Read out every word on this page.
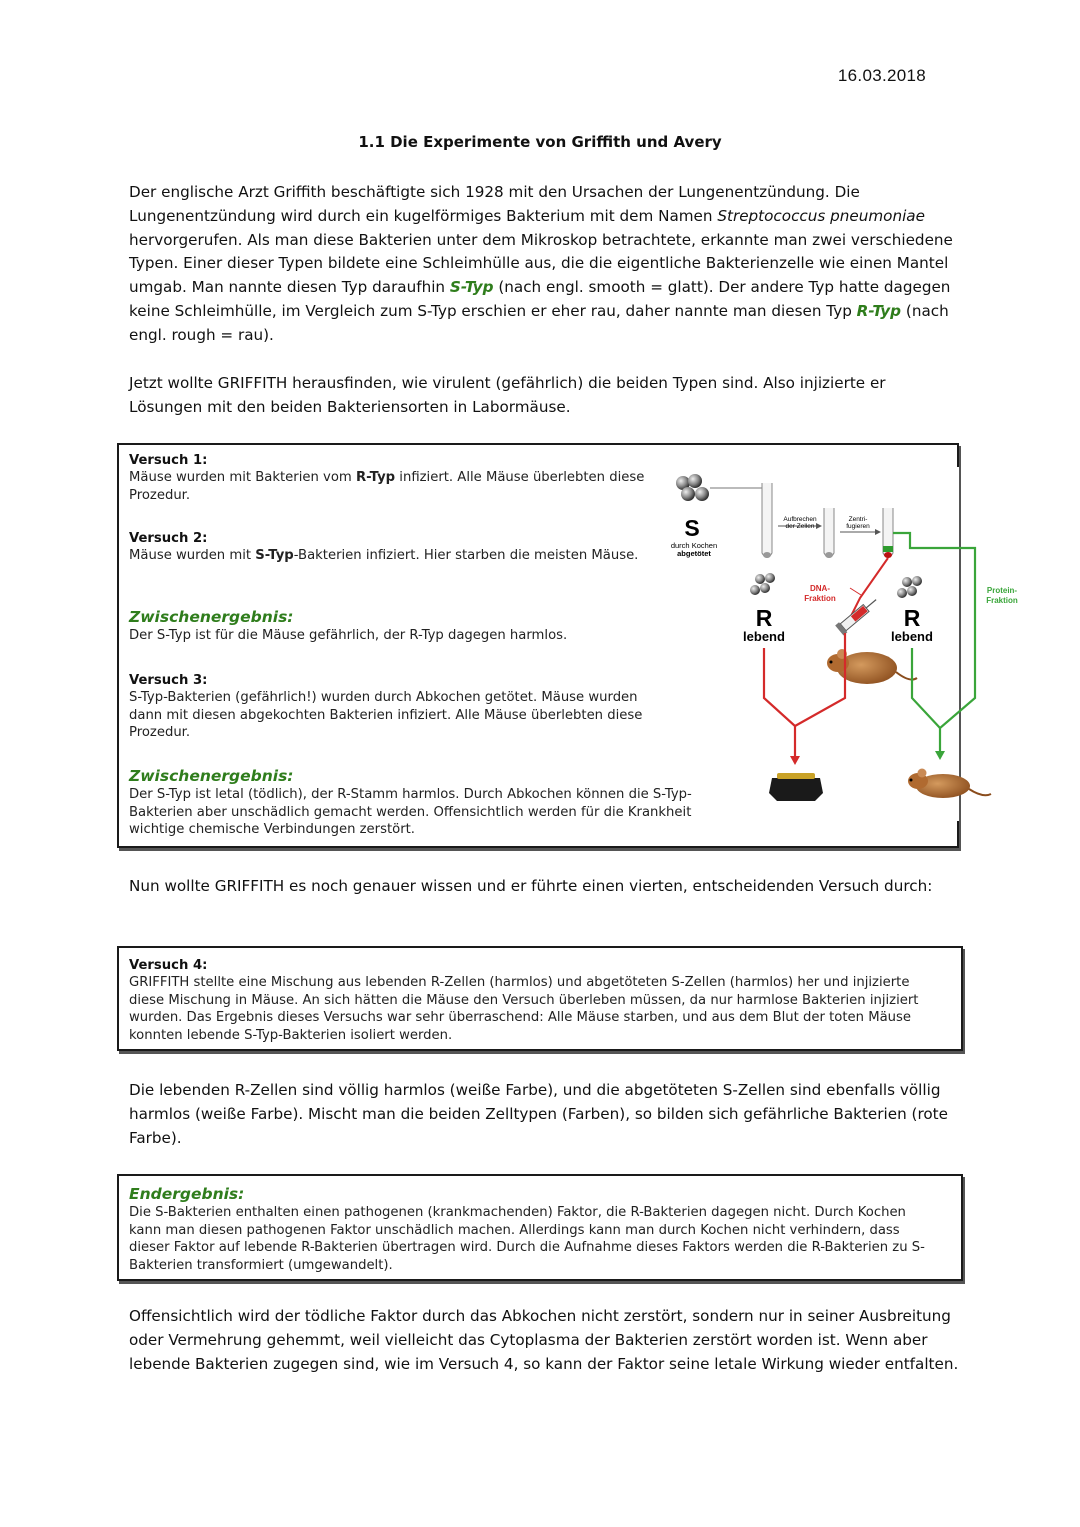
16.03.2018
1.1 Die Experimente von Griffith und Avery

Der englische Arzt Griffith beschäftigte sich 1928 mit den Ursachen der Lungenentzündung. Die Lungenentzündung wird durch ein kugelförmiges Bakterium mit dem Namen Streptococcus pneumoniae hervorgerufen. Als man diese Bakterien unter dem Mikroskop betrachtete, erkannte man zwei verschiedene Typen. Einer dieser Typen bildete eine Schleimhülle aus, die die eigentliche Bakterienzelle wie einen Mantel umgab. Man nannte diesen Typ daraufhin S-Typ (nach engl. smooth = glatt). Der andere Typ hatte dagegen keine Schleimhülle, im Vergleich zum S-Typ erschien er eher rau, daher nannte man diesen Typ R-Typ (nach engl. rough = rau).

Jetzt wollte GRIFFITH herausfinden, wie virulent (gefährlich) die beiden Typen sind. Also injizierte er Lösungen mit den beiden Bakteriensorten in Labormäuse.

Versuch 1:

Mäuse wurden mit Bakterien vom R-Typ infiziert. Alle Mäuse überlebten diese Prozedur.

Versuch 2:

Mäuse wurden mit S-Typ-Bakterien infiziert. Hier starben die meisten Mäuse.

Zwischenergebnis:

Der S-Typ ist für die Mäuse gefährlich, der R-Typ dagegen harmlos.

Versuch 3:

S-Typ-Bakterien (gefährlich!) wurden durch Abkochen getötet. Mäuse wurden dann mit diesen abgekochten Bakterien infiziert. Alle Mäuse überlebten diese Prozedur.

Zwischenergebnis:

Der S-Typ ist letal (tödlich), der R-Stamm harmlos. Durch Abkochen können die S-Typ-Bakterien aber unschädlich gemacht werden. Offensichtlich werden für die Krankheit wichtige chemische Verbindungen zerstört.

S
durch Kochen
abgetötet
Aufbrechen
der Zellen
Zentri-
fugieren
DNA-
Fraktion
Protein-
Fraktion
R
lebend
R
lebend

Nun wollte GRIFFITH es noch genauer wissen und er führte einen vierten, entscheidenden Versuch durch:

Versuch 4:

GRIFFITH stellte eine Mischung aus lebenden R-Zellen (harmlos) und abgetöteten S-Zellen (harmlos) her und injizierte diese Mischung in Mäuse. An sich hätten die Mäuse den Versuch überleben müssen, da nur harmlose Bakterien injiziert wurden. Das Ergebnis dieses Versuchs war sehr überraschend: Alle Mäuse starben, und aus dem Blut der toten Mäuse konnten lebende S-Typ-Bakterien isoliert werden.

Die lebenden R-Zellen sind völlig harmlos (weiße Farbe), und die abgetöteten S-Zellen sind ebenfalls völlig harmlos (weiße Farbe). Mischt man die beiden Zelltypen (Farben), so bilden sich gefährliche Bakterien (rote Farbe).

Endergebnis:

Die S-Bakterien enthalten einen pathogenen (krankmachenden) Faktor, die R-Bakterien dagegen nicht. Durch Kochen kann man diesen pathogenen Faktor unschädlich machen. Allerdings kann man durch Kochen nicht verhindern, dass dieser Faktor auf lebende R-Bakterien übertragen wird. Durch die Aufnahme dieses Faktors werden die R-Bakterien zu S-Bakterien transformiert (umgewandelt).

Offensichtlich wird der tödliche Faktor durch das Abkochen nicht zerstört, sondern nur in seiner Ausbreitung oder Vermehrung gehemmt, weil vielleicht das Cytoplasma der Bakterien zerstört worden ist. Wenn aber lebende Bakterien zugegen sind, wie im Versuch 4, so kann der Faktor seine letale Wirkung wieder entfalten.
